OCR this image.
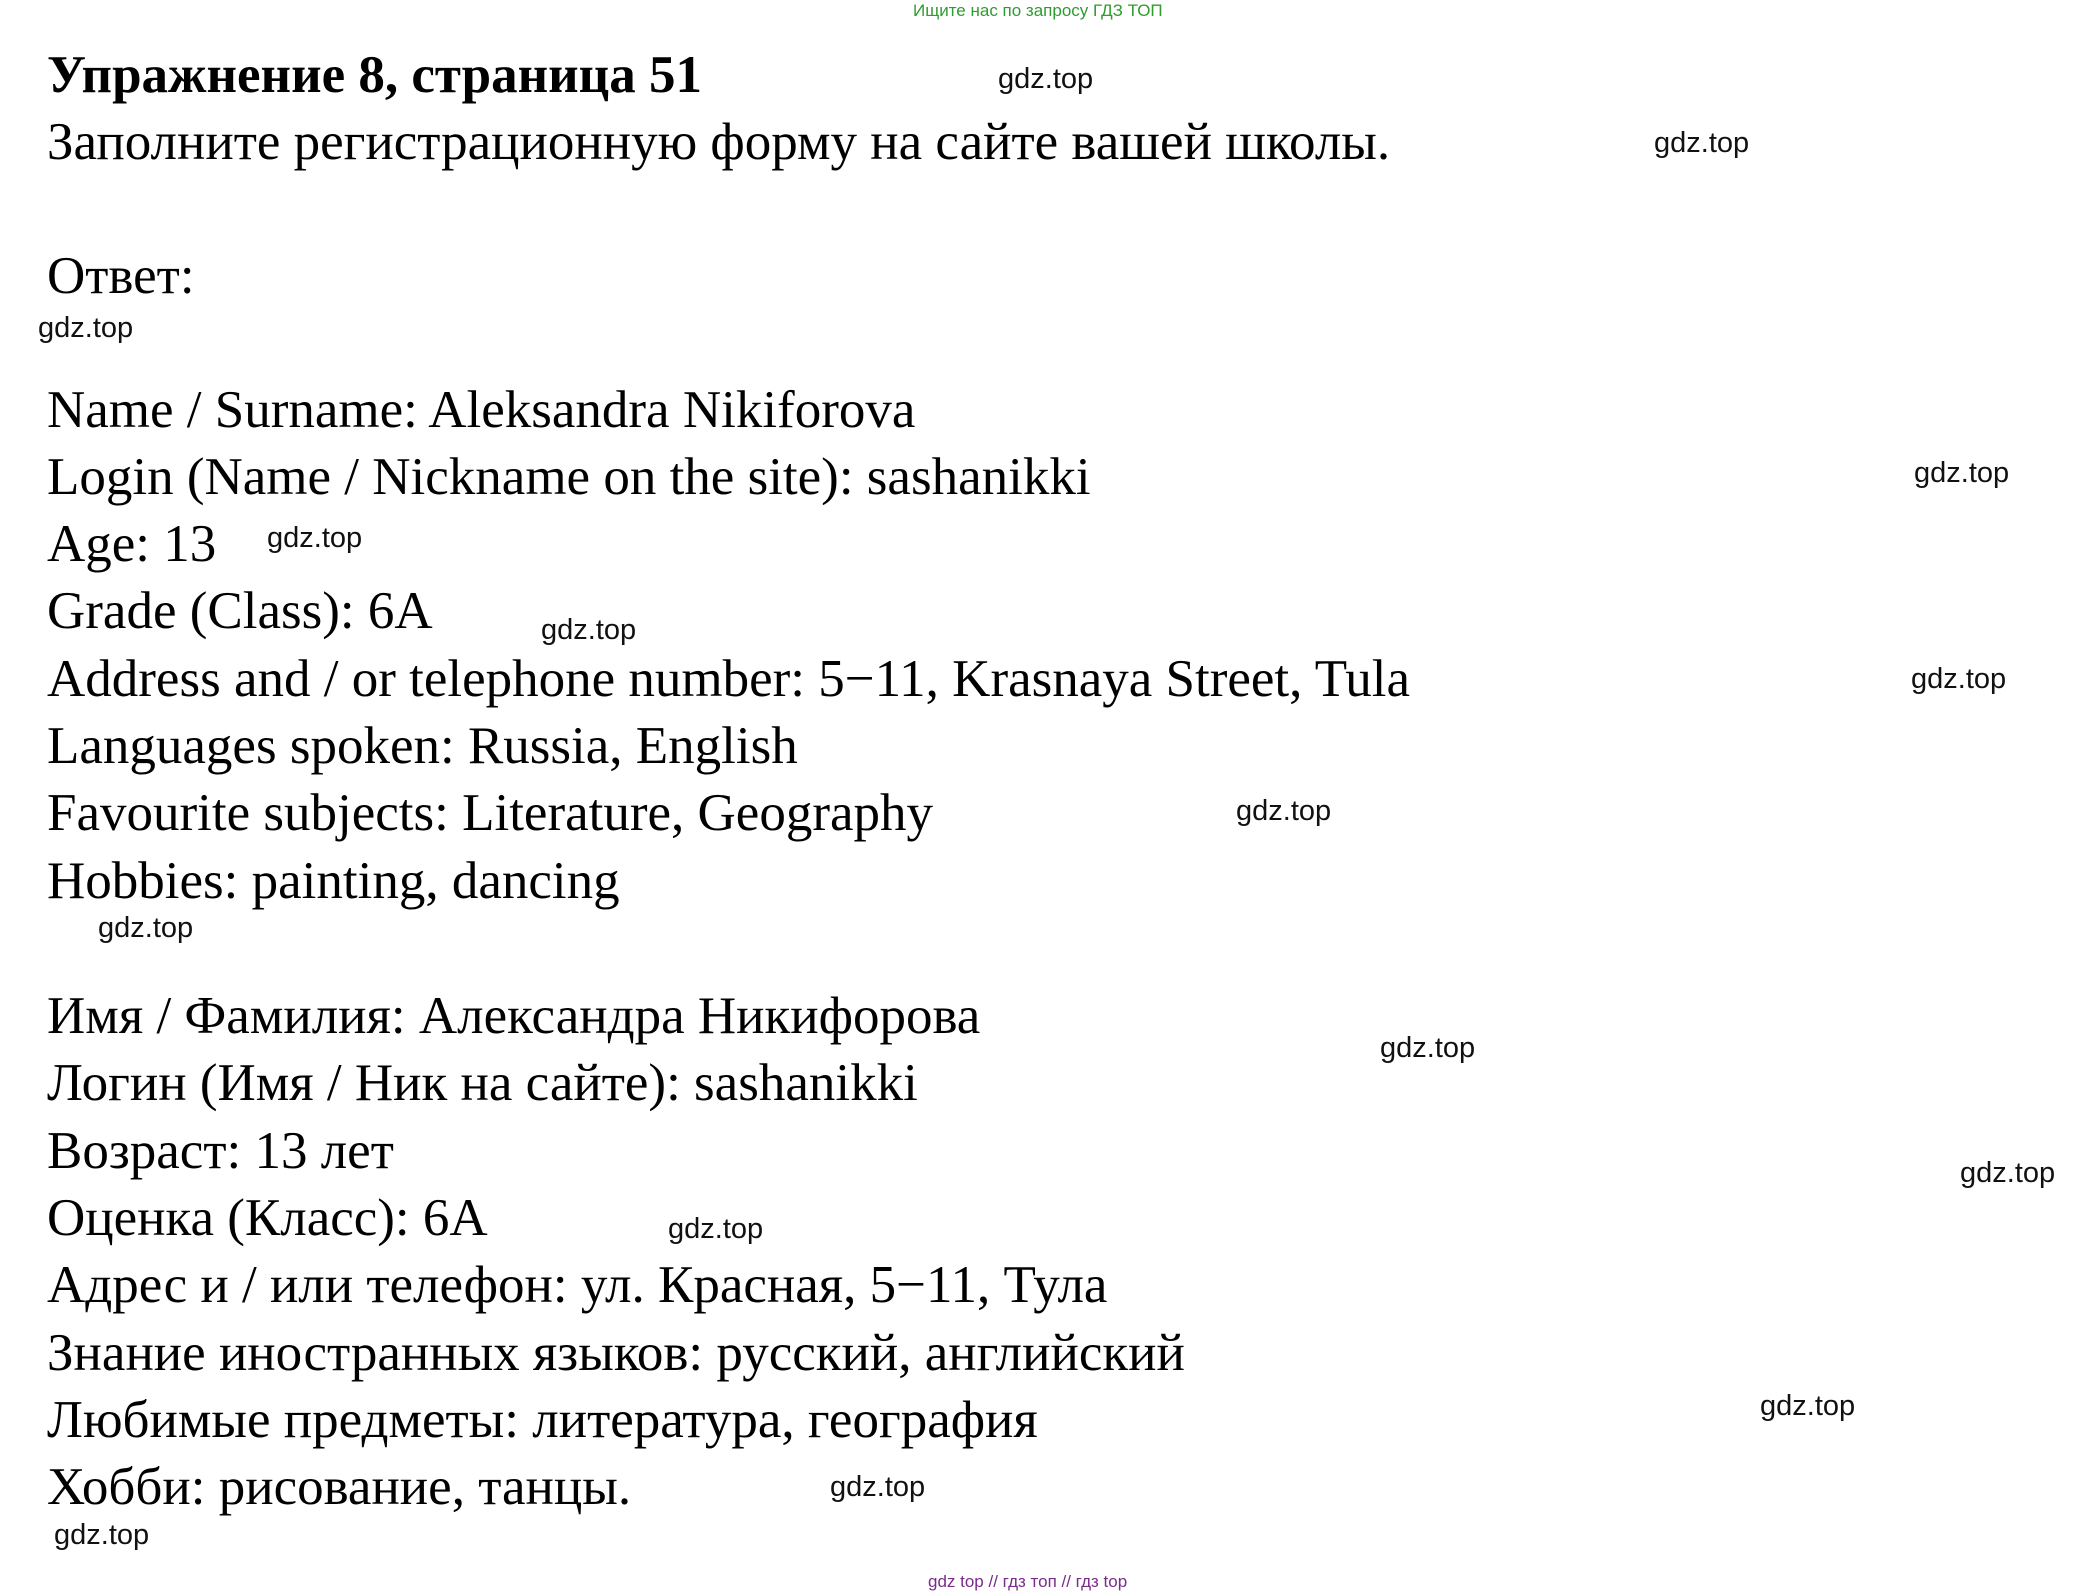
Ищите нас по запросу ГДЗ ТОП
Упражнение 8, страница 51
Заполните регистрационную форму на сайте вашей школы.
Ответ:
Name / Surname: Aleksandra Nikiforova
Login (Name / Nickname on the site): sashanikki
Age: 13
Grade (Class): 6A
Address and / or telephone number: 5−11, Krasnaya Street, Tula
Languages spoken: Russia, English
Favourite subjects: Literature, Geography
Hobbies: painting, dancing
Имя / Фамилия: Александра Никифорова
Логин (Имя / Ник на сайте): sashanikki
Возраст: 13 лет
Оценка (Класс): 6А
Адрес и / или телефон: ул. Красная, 5−11, Тула
Знание иностранных языков: русский, английский
Любимые предметы: литература, география
Хобби: рисование, танцы.
gdz.top
gdz.top
gdz.top
gdz.top
gdz.top
gdz.top
gdz.top
gdz.top
gdz.top
gdz.top
gdz.top
gdz.top
gdz.top
gdz.top
gdz.top
gdz top // гдз топ // гдз top
